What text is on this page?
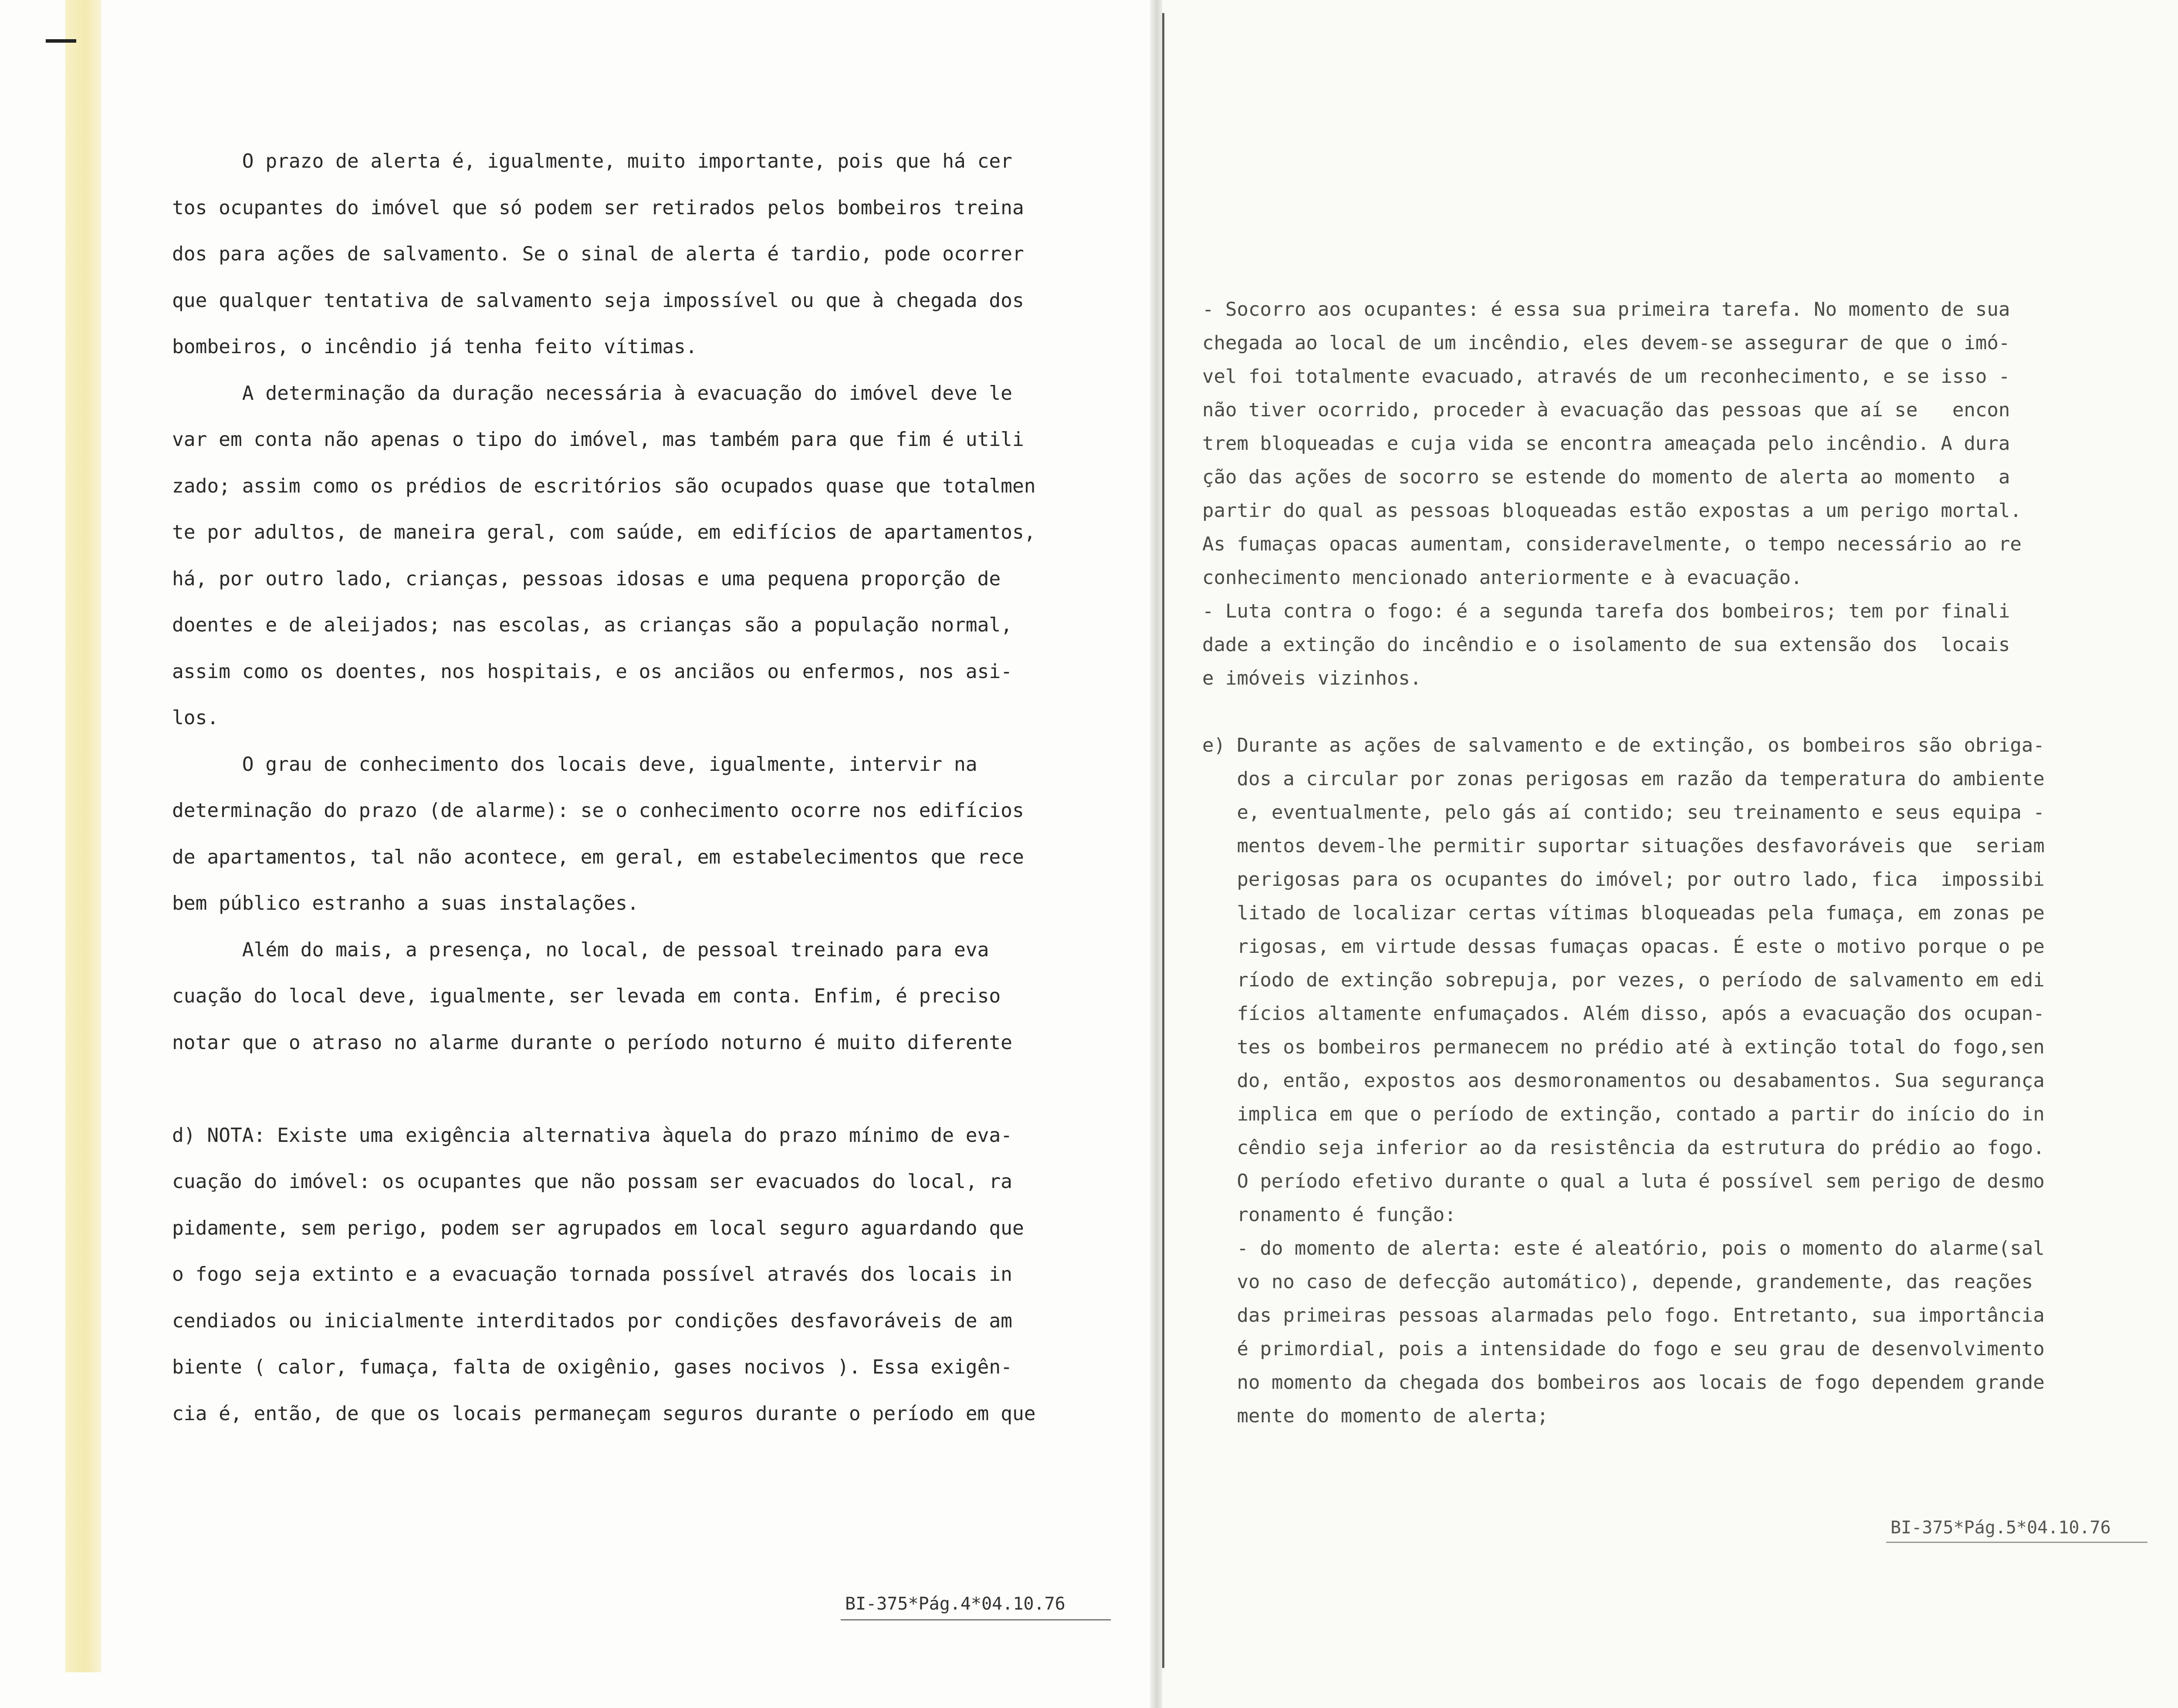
O prazo de alerta é, igualmente, muito importante, pois que há cer
tos ocupantes do imóvel que só podem ser retirados pelos bombeiros treina
dos para ações de salvamento. Se o sinal de alerta é tardio, pode ocorrer
que qualquer tentativa de salvamento seja impossível ou que à chegada dos
bombeiros, o incêndio já tenha feito vítimas.
A determinação da duração necessária à evacuação do imóvel deve le
var em conta não apenas o tipo do imóvel, mas também para que fim é utili
zado; assim como os prédios de escritórios são ocupados quase que totalmen
te por adultos, de maneira geral, com saúde, em edifícios de apartamentos,
há, por outro lado, crianças, pessoas idosas e uma pequena proporção de
doentes e de aleijados; nas escolas, as crianças são a população normal,
assim como os doentes, nos hospitais, e os anciãos ou enfermos, nos asi-
los.
O grau de conhecimento dos locais deve, igualmente, intervir na
determinação do prazo (de alarme): se o conhecimento ocorre nos edifícios
de apartamentos, tal não acontece, em geral, em estabelecimentos que rece
bem público estranho a suas instalações.
Além do mais, a presença, no local, de pessoal treinado para eva
cuação do local deve, igualmente, ser levada em conta. Enfim, é preciso
notar que o atraso no alarme durante o período noturno é muito diferente

d) NOTA: Existe uma exigência alternativa àquela do prazo mínimo de eva-
cuação do imóvel: os ocupantes que não possam ser evacuados do local, ra
pidamente, sem perigo, podem ser agrupados em local seguro aguardando que
o fogo seja extinto e a evacuação tornada possível através dos locais in
cendiados ou inicialmente interditados por condições desfavoráveis de am
biente ( calor, fumaça, falta de oxigênio, gases nocivos ). Essa exigên-
cia é, então, de que os locais permaneçam seguros durante o período em que
BI-375*Pág.4*04.10.76
- Socorro aos ocupantes: é essa sua primeira tarefa. No momento de sua
chegada ao local de um incêndio, eles devem-se assegurar de que o imó-
vel foi totalmente evacuado, através de um reconhecimento, e se isso -
não tiver ocorrido, proceder à evacuação das pessoas que aí se   encon
trem bloqueadas e cuja vida se encontra ameaçada pelo incêndio. A dura
ção das ações de socorro se estende do momento de alerta ao momento  a
partir do qual as pessoas bloqueadas estão expostas a um perigo mortal.
As fumaças opacas aumentam, consideravelmente, o tempo necessário ao re
conhecimento mencionado anteriormente e à evacuação.
- Luta contra o fogo: é a segunda tarefa dos bombeiros; tem por finali
dade a extinção do incêndio e o isolamento de sua extensão dos  locais
e imóveis vizinhos.

e) Durante as ações de salvamento e de extinção, os bombeiros são obriga-
dos a circular por zonas perigosas em razão da temperatura do ambiente
e, eventualmente, pelo gás aí contido; seu treinamento e seus equipa -
mentos devem-lhe permitir suportar situações desfavoráveis que  seriam
perigosas para os ocupantes do imóvel; por outro lado, fica  impossibi
litado de localizar certas vítimas bloqueadas pela fumaça, em zonas pe
rigosas, em virtude dessas fumaças opacas. É este o motivo porque o pe
ríodo de extinção sobrepuja, por vezes, o período de salvamento em edi
fícios altamente enfumaçados. Além disso, após a evacuação dos ocupan-
tes os bombeiros permanecem no prédio até à extinção total do fogo,sen
do, então, expostos aos desmoronamentos ou desabamentos. Sua segurança
implica em que o período de extinção, contado a partir do início do in
cêndio seja inferior ao da resistência da estrutura do prédio ao fogo.
O período efetivo durante o qual a luta é possível sem perigo de desmo
ronamento é função:
- do momento de alerta: este é aleatório, pois o momento do alarme(sal
vo no caso de defecção automático), depende, grandemente, das reações
das primeiras pessoas alarmadas pelo fogo. Entretanto, sua importância
é primordial, pois a intensidade do fogo e seu grau de desenvolvimento
no momento da chegada dos bombeiros aos locais de fogo dependem grande
mente do momento de alerta;
BI-375*Pág.5*04.10.76
